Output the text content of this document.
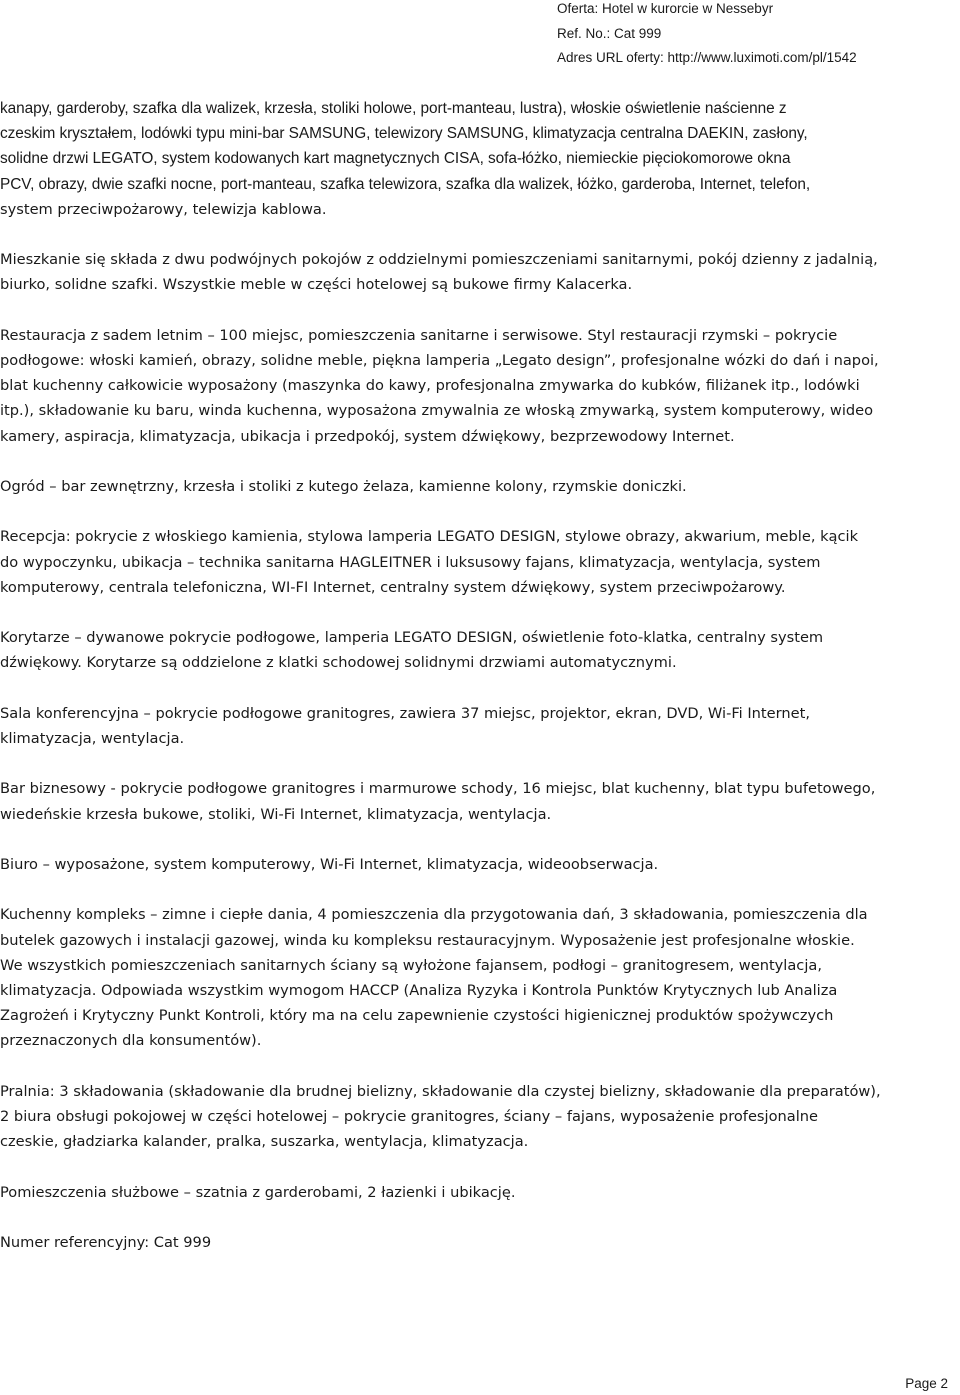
Oferta: Hotel w kurorcie w Nessebyr
Ref. No.: Cat 999
Adres URL oferty: http://www.luximoti.com/pl/1542
kanapy, garderoby, szafka dla walizek, krzesła, stoliki holowe, port-manteau, lustra), włoskie oświetlenie naścienne z
czeskim kryształem, lodówki typu mini-bar SAMSUNG, telewizory SAMSUNG, klimatyzacja centralna DAEKIN, zasłony,
solidne drzwi LEGATO, system kodowanych kart magnetycznych CISA, sofa-łóżko, niemieckie pięciokomorowe okna
PCV, obrazy, dwie szafki nocne, port-manteau, szafka telewizora, szafka dla walizek, łóżko, garderoba, Internet, telefon,
system przeciwpożarowy, telewizja kablowa.
Mieszkanie się składa z dwu podwójnych pokojów z oddzielnymi pomieszczeniami sanitarnymi, pokój dzienny z jadalnią,
biurko, solidne szafki. Wszystkie meble w części hotelowej są bukowe firmy Kalacerka.
Restauracja z sadem letnim – 100 miejsc, pomieszczenia sanitarne i serwisowe. Styl restauracji rzymski – pokrycie
podłogowe: włoski kamień, obrazy, solidne meble, piękna lamperia „Legato design”, profesjonalne wózki do dań i napoi,
blat kuchenny całkowicie wyposażony (maszynka do kawy, profesjonalna zmywarka do kubków, filiżanek itp., lodówki
itp.), składowanie ku baru, winda kuchenna, wyposażona zmywalnia ze włoską zmywarką, system komputerowy, wideo
kamery, aspiracja, klimatyzacja, ubikacja i przedpokój, system dźwiękowy, bezprzewodowy Internet.
Ogród – bar zewnętrzny, krzesła i stoliki z kutego żelaza, kamienne kolony, rzymskie doniczki.
Recepcja: pokrycie z włoskiego kamienia, stylowa lamperia LEGATO DESIGN, stylowe obrazy, akwarium, meble, kącik
do wypoczynku, ubikacja – technika sanitarna HAGLEITNER i luksusowy fajans, klimatyzacja, wentylacja, system
komputerowy, centrala telefoniczna, WI-FI Internet, centralny system dźwiękowy, system przeciwpożarowy.
Korytarze – dywanowe pokrycie podłogowe, lamperia LEGATO DESIGN, oświetlenie foto-klatka, centralny system
dźwiękowy. Korytarze są oddzielone z klatki schodowej solidnymi drzwiami automatycznymi.
Sala konferencyjna – pokrycie podłogowe granitogres, zawiera 37 miejsc, projektor, ekran, DVD, Wi-Fi Internet,
klimatyzacja, wentylacja.
Bar biznesowy - pokrycie podłogowe granitogres i marmurowe schody, 16 miejsc, blat kuchenny, blat typu bufetowego,
wiedeńskie krzesła bukowe, stoliki, Wi-Fi Internet, klimatyzacja, wentylacja.
Biuro – wyposażone, system komputerowy, Wi-Fi Internet, klimatyzacja, wideoobserwacja.
Kuchenny kompleks – zimne i ciepłe dania, 4 pomieszczenia dla przygotowania dań, 3 składowania, pomieszczenia dla
butelek gazowych i instalacji gazowej, winda ku kompleksu restauracyjnym. Wyposażenie jest profesjonalne włoskie.
We wszystkich pomieszczeniach sanitarnych ściany są wyłożone fajansem, podłogi – granitogresem, wentylacja,
klimatyzacja. Odpowiada wszystkim wymogom HACCP (Analiza Ryzyka i Kontrola Punktów Krytycznych lub Analiza
Zagrożeń i Krytyczny Punkt Kontroli, który ma na celu zapewnienie czystości higienicznej produktów spożywczych
przeznaczonych dla konsumentów).
Pralnia: 3 składowania (składowanie dla brudnej bielizny, składowanie dla czystej bielizny, składowanie dla preparatów),
2 biura obsługi pokojowej w części hotelowej – pokrycie granitogres, ściany – fajans, wyposażenie profesjonalne
czeskie, gładziarka kalander, pralka, suszarka, wentylacja, klimatyzacja.
Pomieszczenia służbowe – szatnia z garderobami, 2 łazienki i ubikację.
Numer referencyjny: Cat 999
Page 2
